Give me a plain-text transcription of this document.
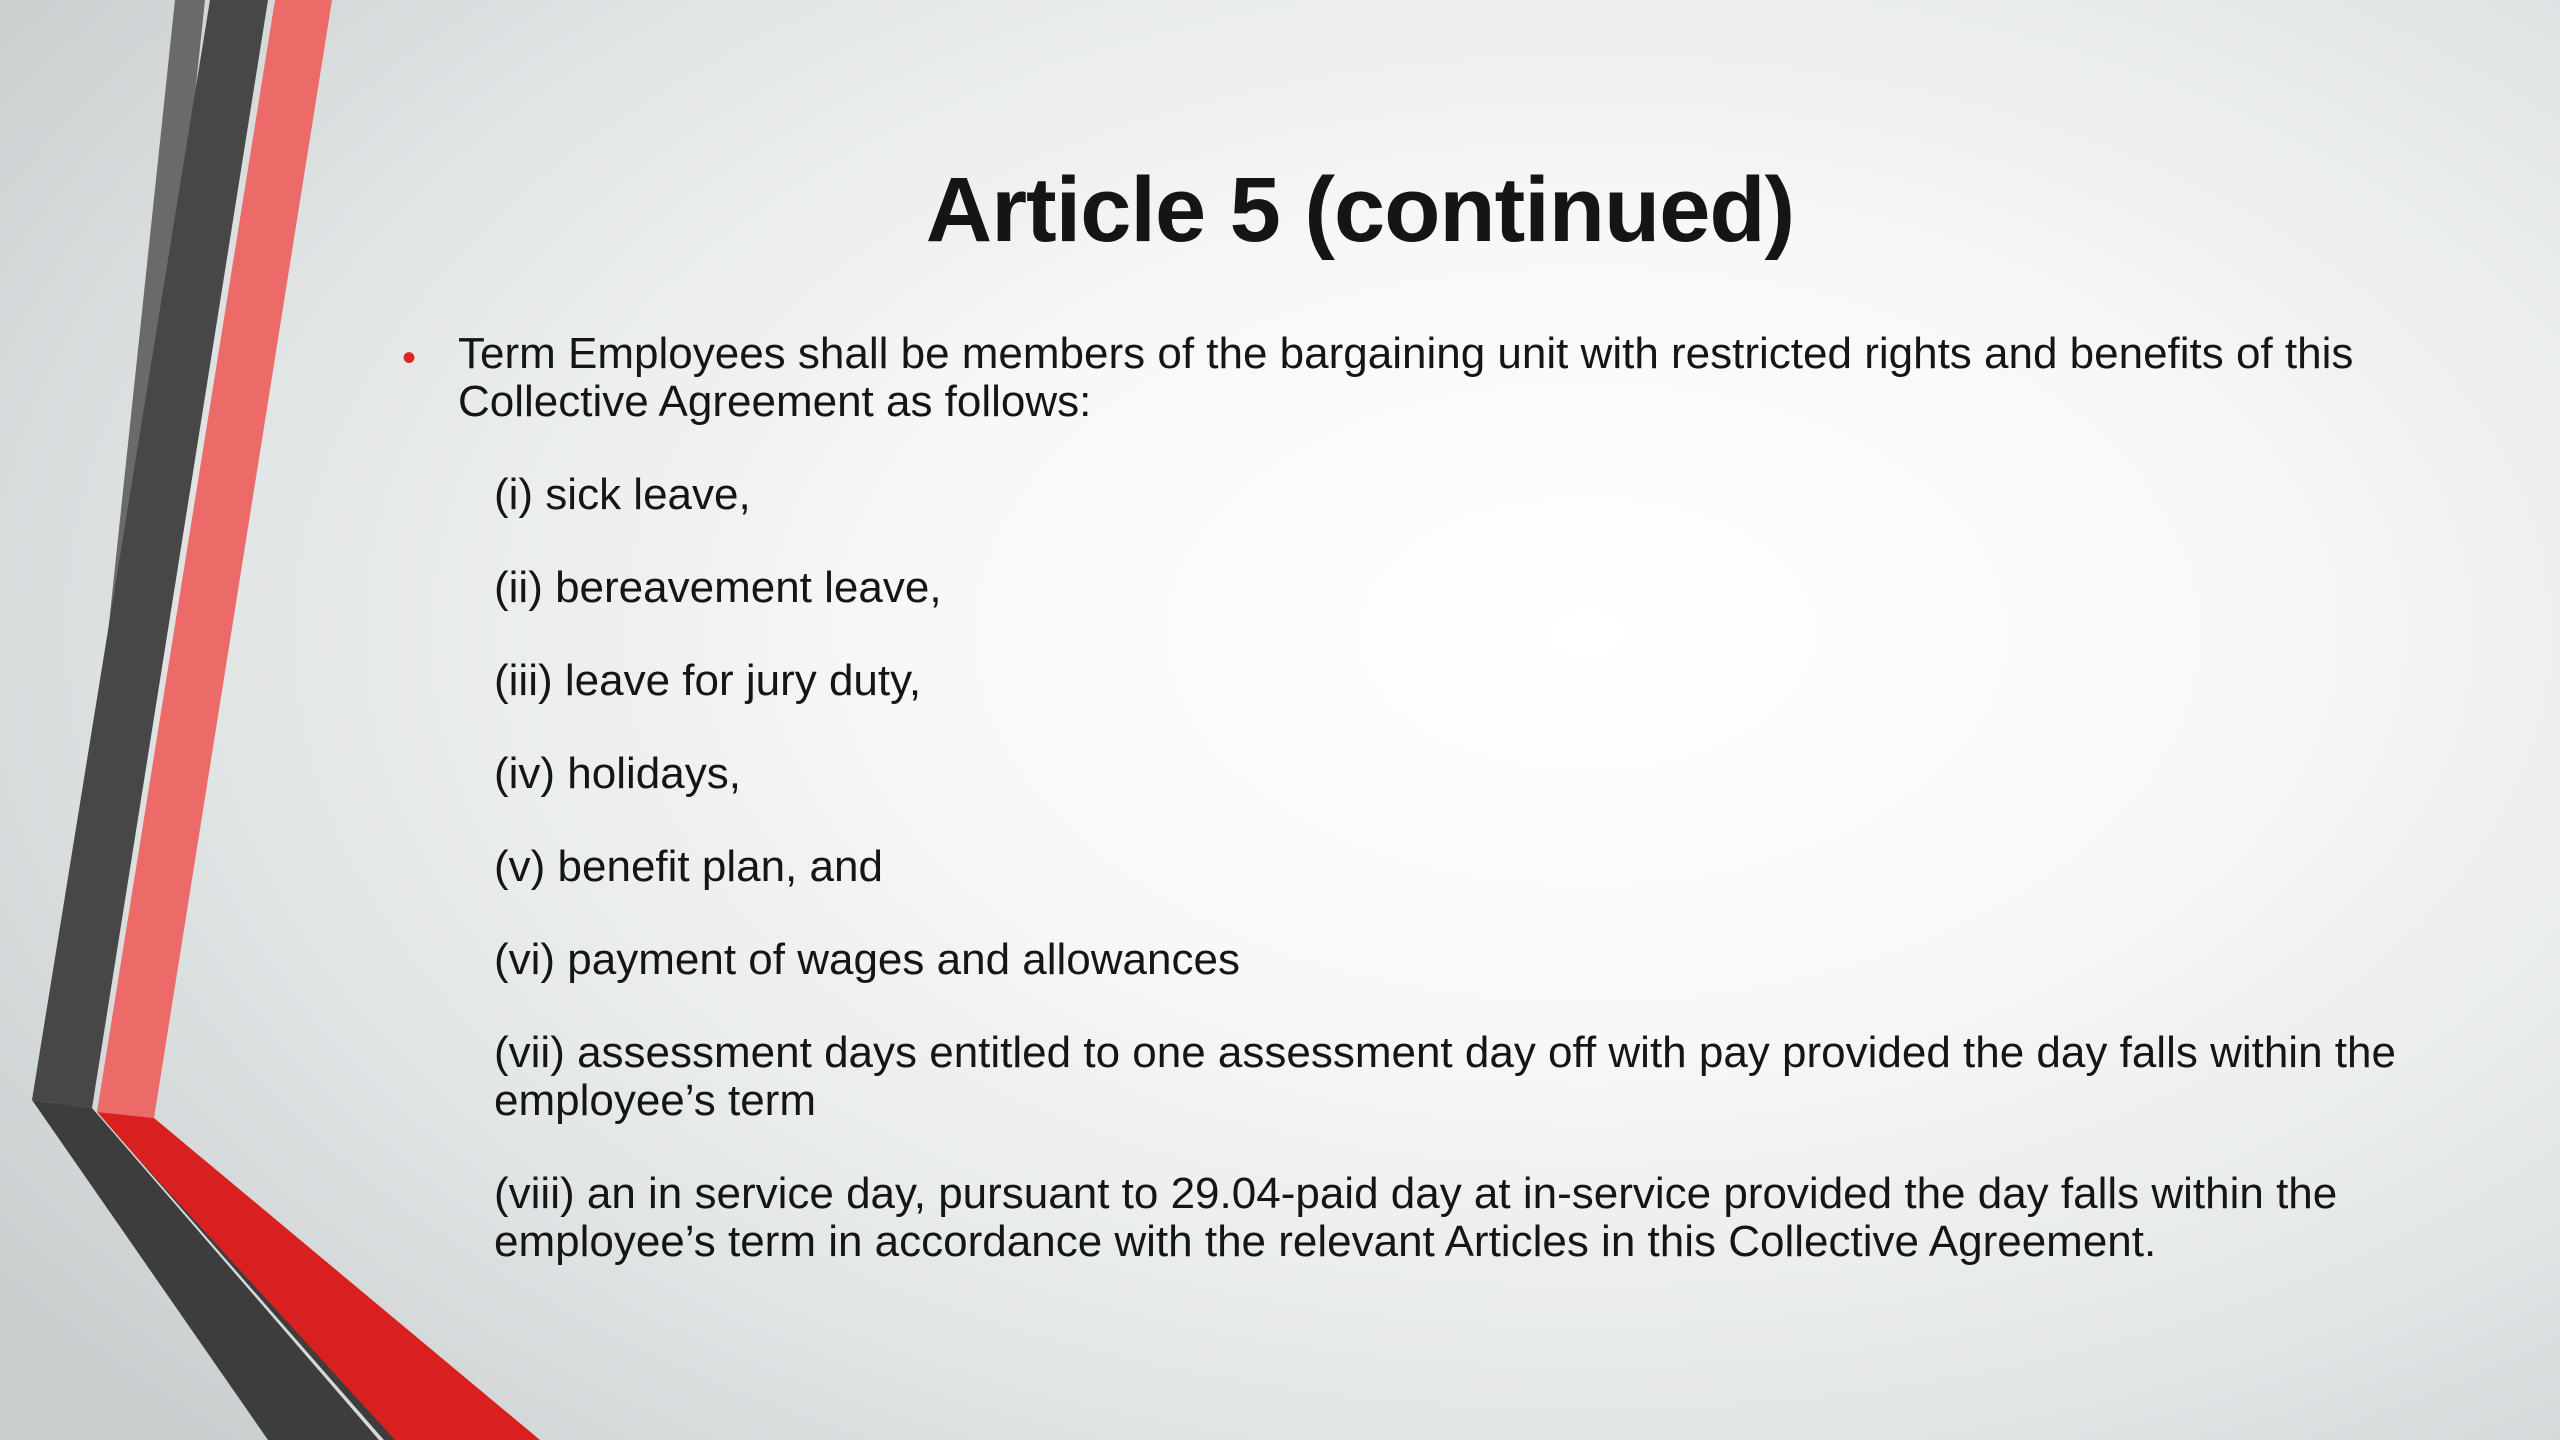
Article 5 (continued)
• Term Employees shall be members of the bargaining unit with restricted rights and benefits of this Collective Agreement as follows:
(i) sick leave,
(ii) bereavement leave,
(iii) leave for jury duty,
(iv) holidays,
(v) benefit plan, and
(vi) payment of wages and allowances
(vii) assessment days entitled to one assessment day off with pay provided the day falls within the employee’s term
(viii) an in service day, pursuant to 29.04-paid day at in-service provided the day falls within the employee’s term in accordance with the relevant Articles in this Collective Agreement.
